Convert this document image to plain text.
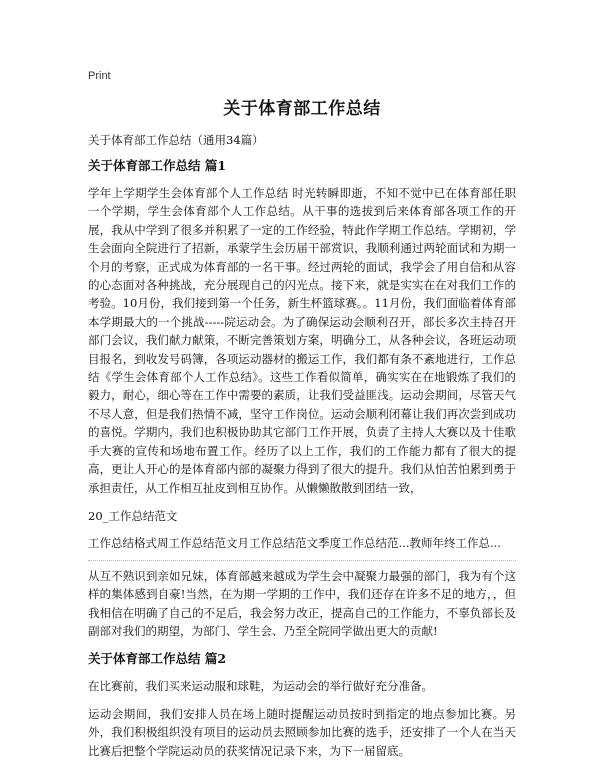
Print
关于体育部工作总结
关于体育部工作总结（通用34篇）
关于体育部工作总结 篇1
学年上学期学生会体育部个人工作总结 时光转瞬即逝，不知不觉中已在体育部任职一个学期，学生会体育部个人工作总结。从干事的选拔到后来体育部各项工作的开展，我从中学到了很多并积累了一定的工作经验，特此作学期工作总结。学期初，学生会面向全院进行了招新，承蒙学生会历届干部赏识，我顺利通过两轮面试和为期一个月的考察，正式成为体育部的一名干事。经过两轮的面试，我学会了用自信和从容的心态面对各种挑战，充分展现自己的闪光点。接下来，就是实实在在对我们工作的考验。10月份，我们接到第一个任务，新生杯篮球赛。。11月份，我们面临着体育部本学期最大的一个挑战-----院运动会。为了确保运动会顺利召开，部长多次主持召开部门会议，我们献力献策，不断完善策划方案，明确分工，从各种会议，各班运动项目报名，到收发号码簿，各项运动器材的搬运工作，我们都有条不紊地进行，工作总结《学生会体育部个人工作总结》。这些工作看似简单，确实实在在地锻炼了我们的毅力，耐心，细心等在工作中需要的素质，让我们受益匪浅。运动会期间，尽管天气不尽人意，但是我们热情不减，坚守工作岗位。运动会顺利闭幕让我们再次尝到成功的喜悦。学期内，我们也积极协助其它部门工作开展，负责了主持人大赛以及十佳歌手大赛的宣传和场地布置工作。经历了以上工作，我们的工作能力都有了很大的提高，更让人开心的是体育部内部的凝聚力得到了很大的提升。我们从怕苦怕累到勇于承担责任，从工作相互扯皮到相互协作。从懒懒散散到团结一致，
20_工作总结范文
工作总结格式周工作总结范文月工作总结范文季度工作总结范...教师年终工作总...
从互不熟识到亲如兄妹，体育部越来越成为学生会中凝聚力最强的部门，我为有个这样的集体感到自豪!当然，在为期一学期的工作中，我们还存在许多不足的地方，，但我相信在明确了自己的不足后，我会努力改正，提高自己的工作能力，不辜负部长及副部对我们的期望，为部门、学生会、乃至全院同学做出更大的贡献!
关于体育部工作总结 篇2
在比赛前，我们买来运动服和球鞋，为运动会的举行做好充分准备。
运动会期间，我们安排人员在场上随时提醒运动员按时到指定的地点参加比赛。另外，我们积极组织没有项目的运动员去照顾参加比赛的选手，还安排了一个人在当天比赛后把整个学院运动员的获奖情况记录下来，为下一届留底。
